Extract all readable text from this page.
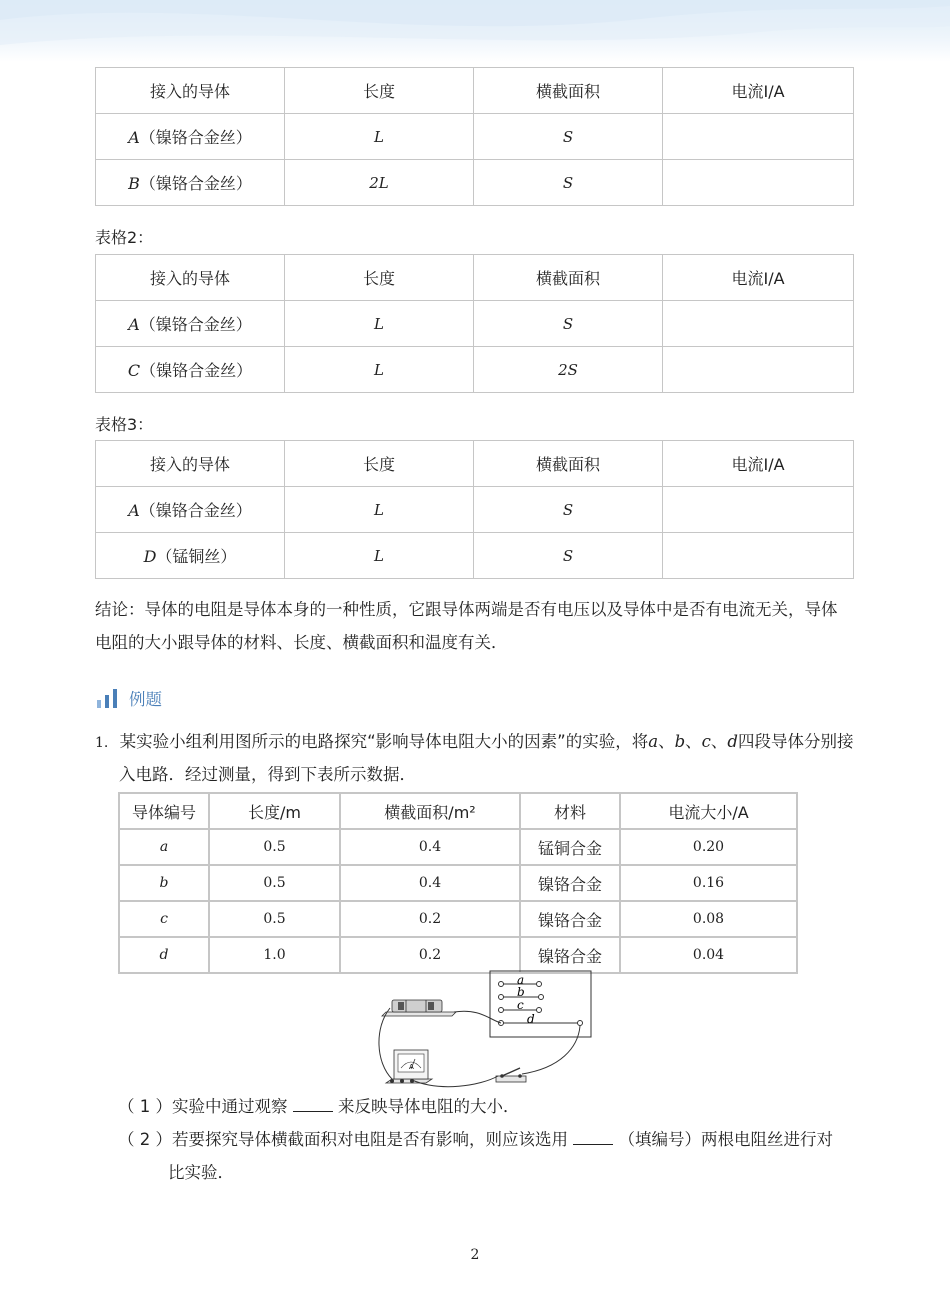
接入的导体	长度	横截面积	电流I/A
A（镍铬合金丝）	L	S	
B（镍铬合金丝）	2L	S	
表格2：
接入的导体	长度	横截面积	电流I/A
A（镍铬合金丝）	L	S	
C（镍铬合金丝）	L	2S	
表格3：
接入的导体	长度	横截面积	电流I/A
A（镍铬合金丝）	L	S	
D（锰铜丝）	L	S	
结论：导体的电阻是导体本身的一种性质，它跟导体两端是否有电压以及导体中是否有电流无关，导体
电阻的大小跟导体的材料、长度、横截面积和温度有关．
例题
1. 某实验小组利用图所示的电路探究“影响导体电阻大小的因素”的实验，将a、b、c、d四段导体分别接
入电路．经过测量，得到下表所示数据．
导体编号	长度/m	横截面积/m²	材料	电流大小/A
a	0.5	0.4	锰铜合金	0.20
b	0.5	0.4	镍铬合金	0.16
c	0.5	0.2	镍铬合金	0.08
d	1.0	0.2	镍铬合金	0.04
a
b
c
d
A
（ 1 ）实验中通过观察	来反映导体电阻的大小．
（ 2 ）若要探究导体横截面积对电阻是否有影响，则应该选用	（填编号）两根电阻丝进行对
比实验．
2
